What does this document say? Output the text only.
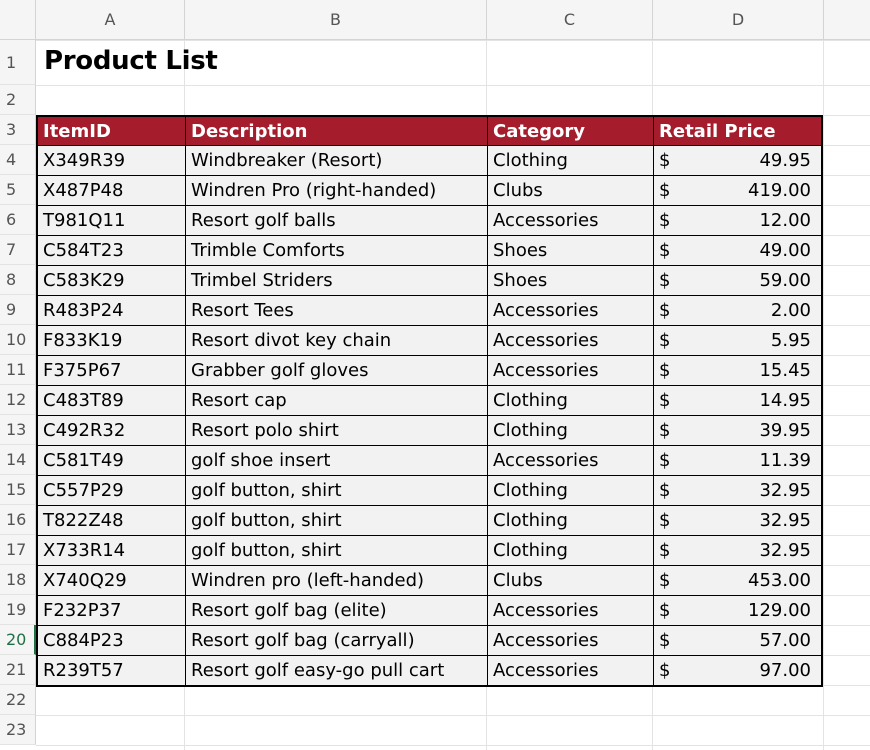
A	B	C	D
1
2
3
4
5
6
7
8
9
10
11
12
13
14
15
16
17
18
19
20
21
22
23
Product List
ItemID	Description	Category	Retail Price
X349R39	Windbreaker (Resort)	Clothing	$	49.95
X487P48	Windren Pro (right-handed)	Clubs	$	419.00
T981Q11	Resort golf balls	Accessories	$	12.00
C584T23	Trimble Comforts	Shoes	$	49.00
C583K29	Trimbel Striders	Shoes	$	59.00
R483P24	Resort Tees	Accessories	$	2.00
F833K19	Resort divot key chain	Accessories	$	5.95
F375P67	Grabber golf gloves	Accessories	$	15.45
C483T89	Resort cap	Clothing	$	14.95
C492R32	Resort polo shirt	Clothing	$	39.95
C581T49	golf shoe insert	Accessories	$	11.39
C557P29	golf button, shirt	Clothing	$	32.95
T822Z48	golf button, shirt	Clothing	$	32.95
X733R14	golf button, shirt	Clothing	$	32.95
X740Q29	Windren pro (left-handed)	Clubs	$	453.00
F232P37	Resort golf bag (elite)	Accessories	$	129.00
C884P23	Resort golf bag (carryall)	Accessories	$	57.00
R239T57	Resort golf easy-go pull cart	Accessories	$	97.00
